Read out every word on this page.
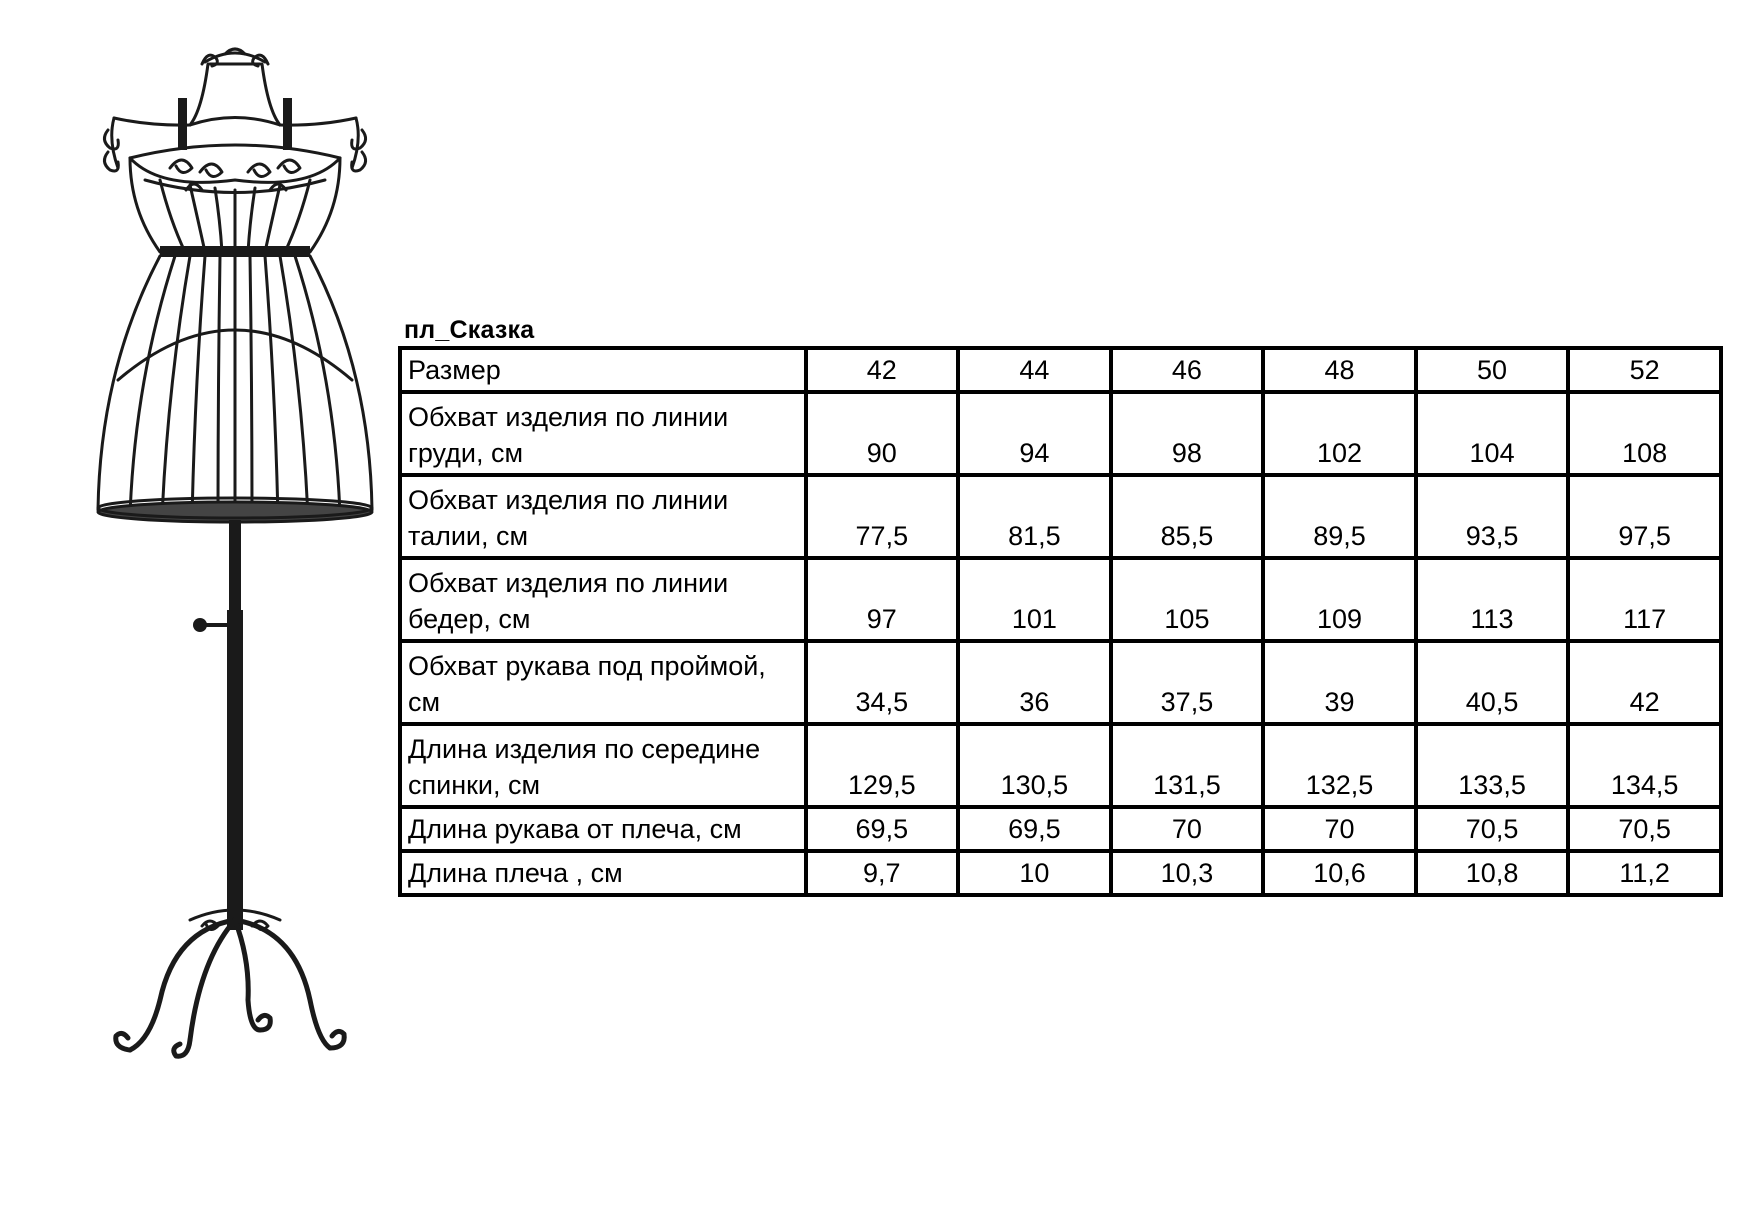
пл_Сказка
Размер	42	44	46	48	50	52
Обхват изделия по линии груди, см	90	94	98	102	104	108
Обхват изделия по линии талии, см	77,5	81,5	85,5	89,5	93,5	97,5
Обхват изделия по линии бедер, см	97	101	105	109	113	117
Обхват рукава под проймой, см	34,5	36	37,5	39	40,5	42
Длина изделия по середине спинки, см	129,5	130,5	131,5	132,5	133,5	134,5
Длина рукава от плеча, см	69,5	69,5	70	70	70,5	70,5
Длина плеча , см	9,7	10	10,3	10,6	10,8	11,2
